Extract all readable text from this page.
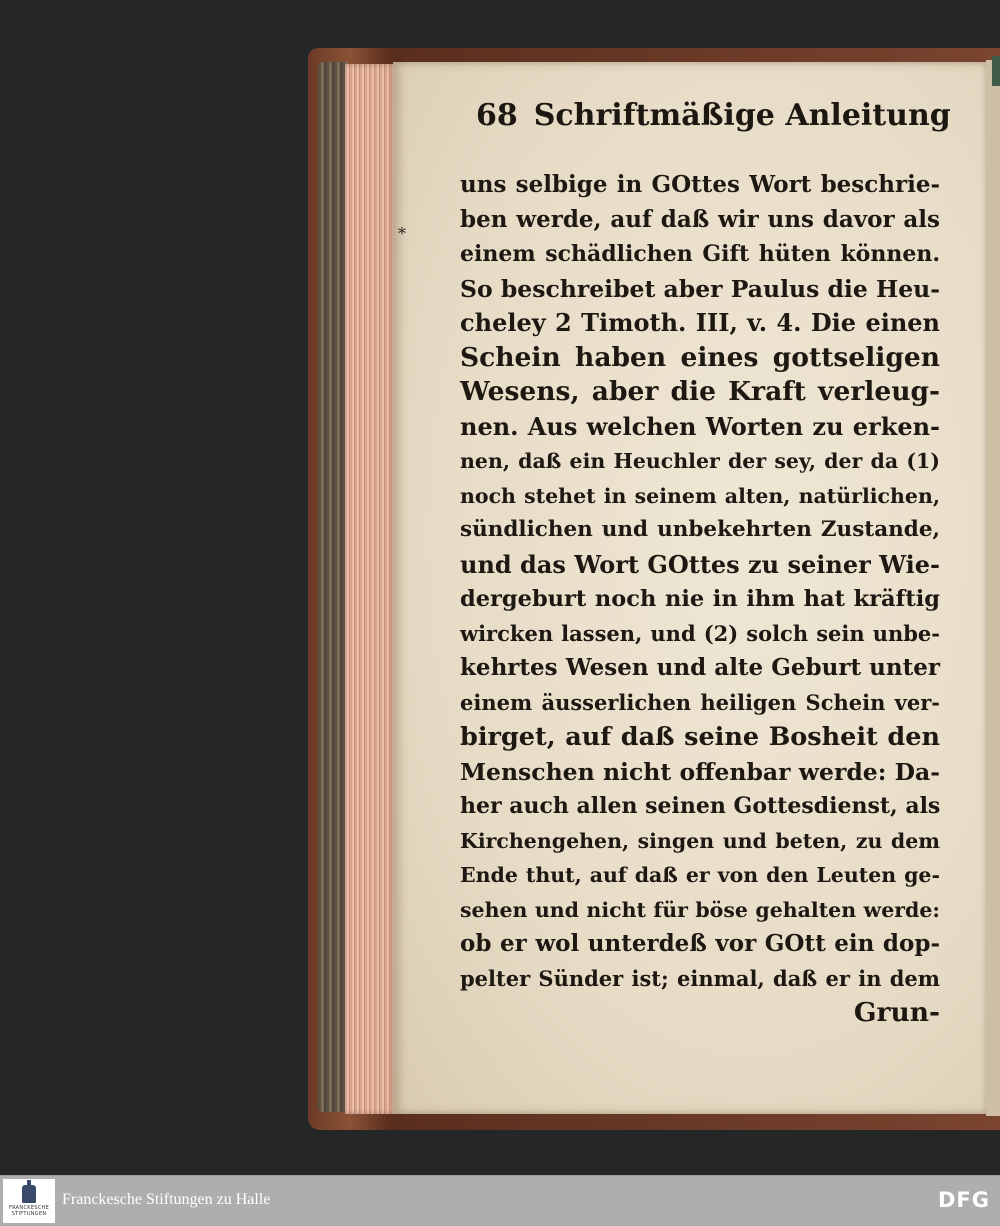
*
68 Schriftmäßige Anleitung
uns selbige in GOttes Wort beschrie-
ben werde, auf daß wir uns davor als
einem schädlichen Gift hüten können.
So beschreibet aber Paulus die Heu-
cheley 2 Timoth. III, v. 4. Die einen
Schein haben eines gottseligen
Wesens, aber die Kraft verleug-
nen. Aus welchen Worten zu erken-
nen, daß ein Heuchler der sey, der da (1)
noch stehet in seinem alten, natürlichen,
sündlichen und unbekehrten Zustande,
und das Wort GOttes zu seiner Wie-
dergeburt noch nie in ihm hat kräftig
wircken lassen, und (2) solch sein unbe-
kehrtes Wesen und alte Geburt unter
einem äusserlichen heiligen Schein ver-
birget, auf daß seine Bosheit den
Menschen nicht offenbar werde: Da-
her auch allen seinen Gottesdienst, als
Kirchengehen, singen und beten, zu dem
Ende thut, auf daß er von den Leuten ge-
sehen und nicht für böse gehalten werde:
ob er wol unterdeß vor GOtt ein dop-
pelter Sünder ist; einmal, daß er in dem
Grun-
FRANCKESCHE STIFTUNGEN
Franckesche Stiftungen zu Halle	DFG
